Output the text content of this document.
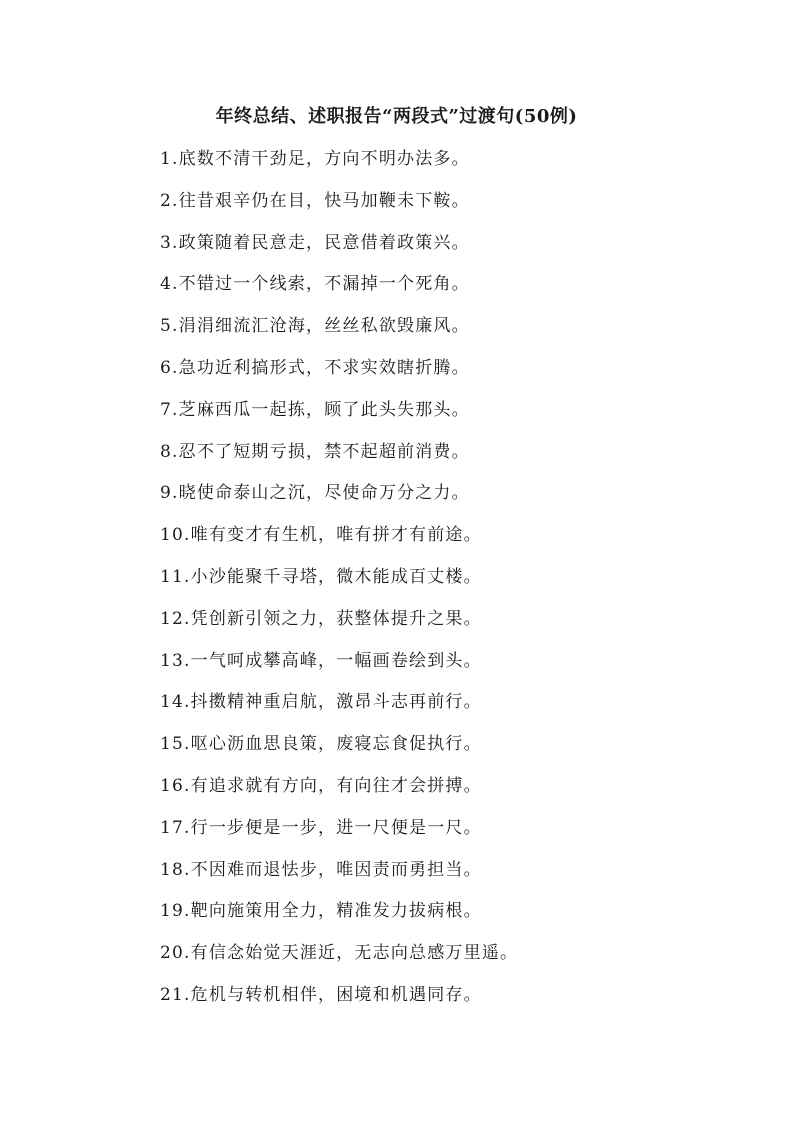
年终总结、述职报告“两段式”过渡句(50例)
1.底数不清干劲足，方向不明办法多。
2.往昔艰辛仍在目，快马加鞭未下鞍。
3.政策随着民意走，民意借着政策兴。
4.不错过一个线索，不漏掉一个死角。
5.涓涓细流汇沧海，丝丝私欲毁廉风。
6.急功近利搞形式，不求实效瞎折腾。
7.芝麻西瓜一起拣，顾了此头失那头。
8.忍不了短期亏损，禁不起超前消费。
9.晓使命泰山之沉，尽使命万分之力。
10.唯有变才有生机，唯有拼才有前途。
11.小沙能聚千寻塔，微木能成百丈楼。
12.凭创新引领之力，获整体提升之果。
13.一气呵成攀高峰，一幅画卷绘到头。
14.抖擞精神重启航，激昂斗志再前行。
15.呕心沥血思良策，废寝忘食促执行。
16.有追求就有方向，有向往才会拼搏。
17.行一步便是一步，进一尺便是一尺。
18.不因难而退怯步，唯因责而勇担当。
19.靶向施策用全力，精准发力拔病根。
20.有信念始觉天涯近，无志向总感万里遥。
21.危机与转机相伴，困境和机遇同存。
